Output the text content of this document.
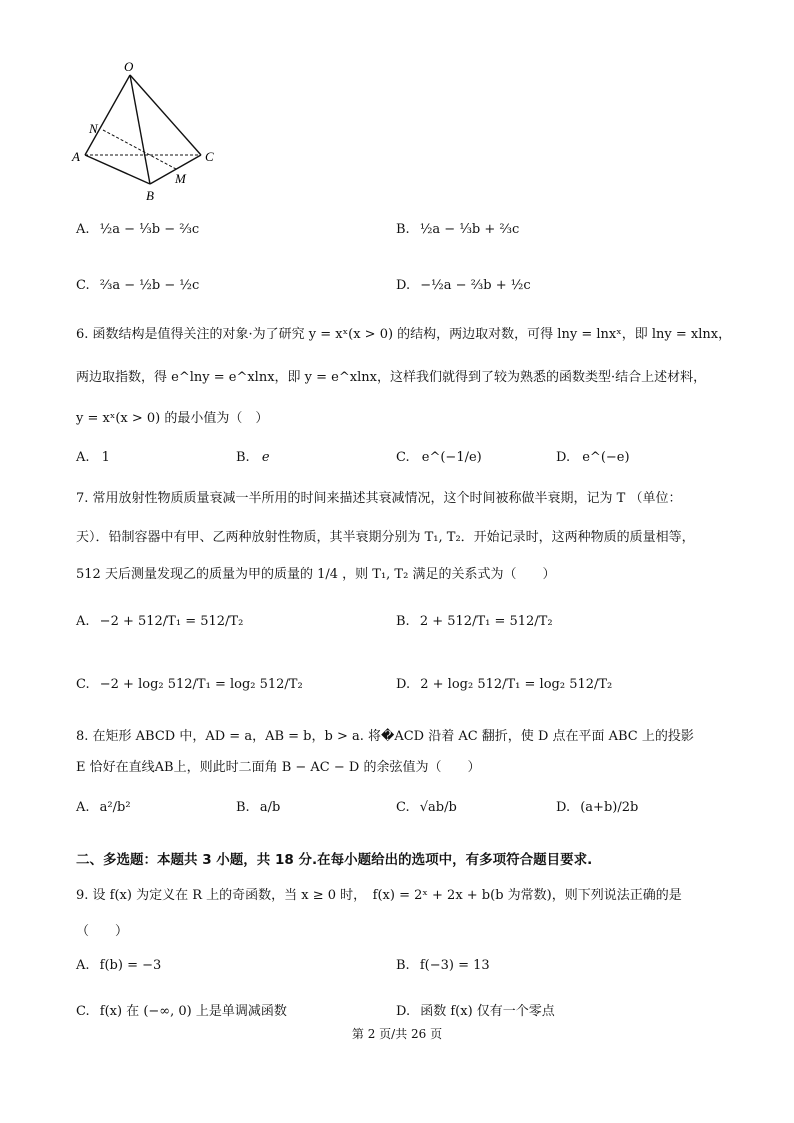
O
N
A	C
M
B
A. ½a − ⅓b − ⅔c	B. ½a − ⅓b + ⅔c
C. ⅔a − ½b − ½c	D. −½a − ⅔b + ½c
6. 函数结构是值得关注的对象·为了研究 y = xˣ(x > 0) 的结构，两边取对数，可得 lny = lnxˣ，即 lny = xlnx，
两边取指数，得 e^lny = e^xlnx，即 y = e^xlnx，这样我们就得到了较为熟悉的函数类型·结合上述材料，
y = xˣ(x > 0) 的最小值为（　）
A. 1	B. e	C. e^(−1/e)	D. e^(−e)
7. 常用放射性物质质量衰减一半所用的时间来描述其衰减情况，这个时间被称做半衰期，记为 T （单位：
天）．铅制容器中有甲、乙两种放射性物质，其半衰期分别为 T₁, T₂．开始记录时，这两种物质的质量相等，
512 天后测量发现乙的质量为甲的质量的 1/4 ，则 T₁, T₂ 满足的关系式为（　　）
A. −2 + 512/T₁ = 512/T₂	B. 2 + 512/T₁ = 512/T₂
C. −2 + log₂ 512/T₁ = log₂ 512/T₂	D. 2 + log₂ 512/T₁ = log₂ 512/T₂
8. 在矩形 ABCD 中，AD = a，AB = b，b > a. 将�ACD 沿着 AC 翻折，使 D 点在平面 ABC 上的投影
E 恰好在直线AB上，则此时二面角 B − AC − D 的余弦值为（　　）
A. a²/b²	B. a/b	C. √ab/b	D. (a+b)/2b
二、多选题：本题共 3 小题，共 18 分.在每小题给出的选项中，有多项符合题目要求.
9. 设 f(x) 为定义在 R 上的奇函数，当 x ≥ 0 时，　f(x) = 2ˣ + 2x + b(b 为常数)，则下列说法正确的是
（　　）
A. f(b) = −3	B. f(−3) = 13
C. f(x) 在 (−∞, 0) 上是单调减函数	D. 函数 f(x) 仅有一个零点
第 2 页/共 26 页
